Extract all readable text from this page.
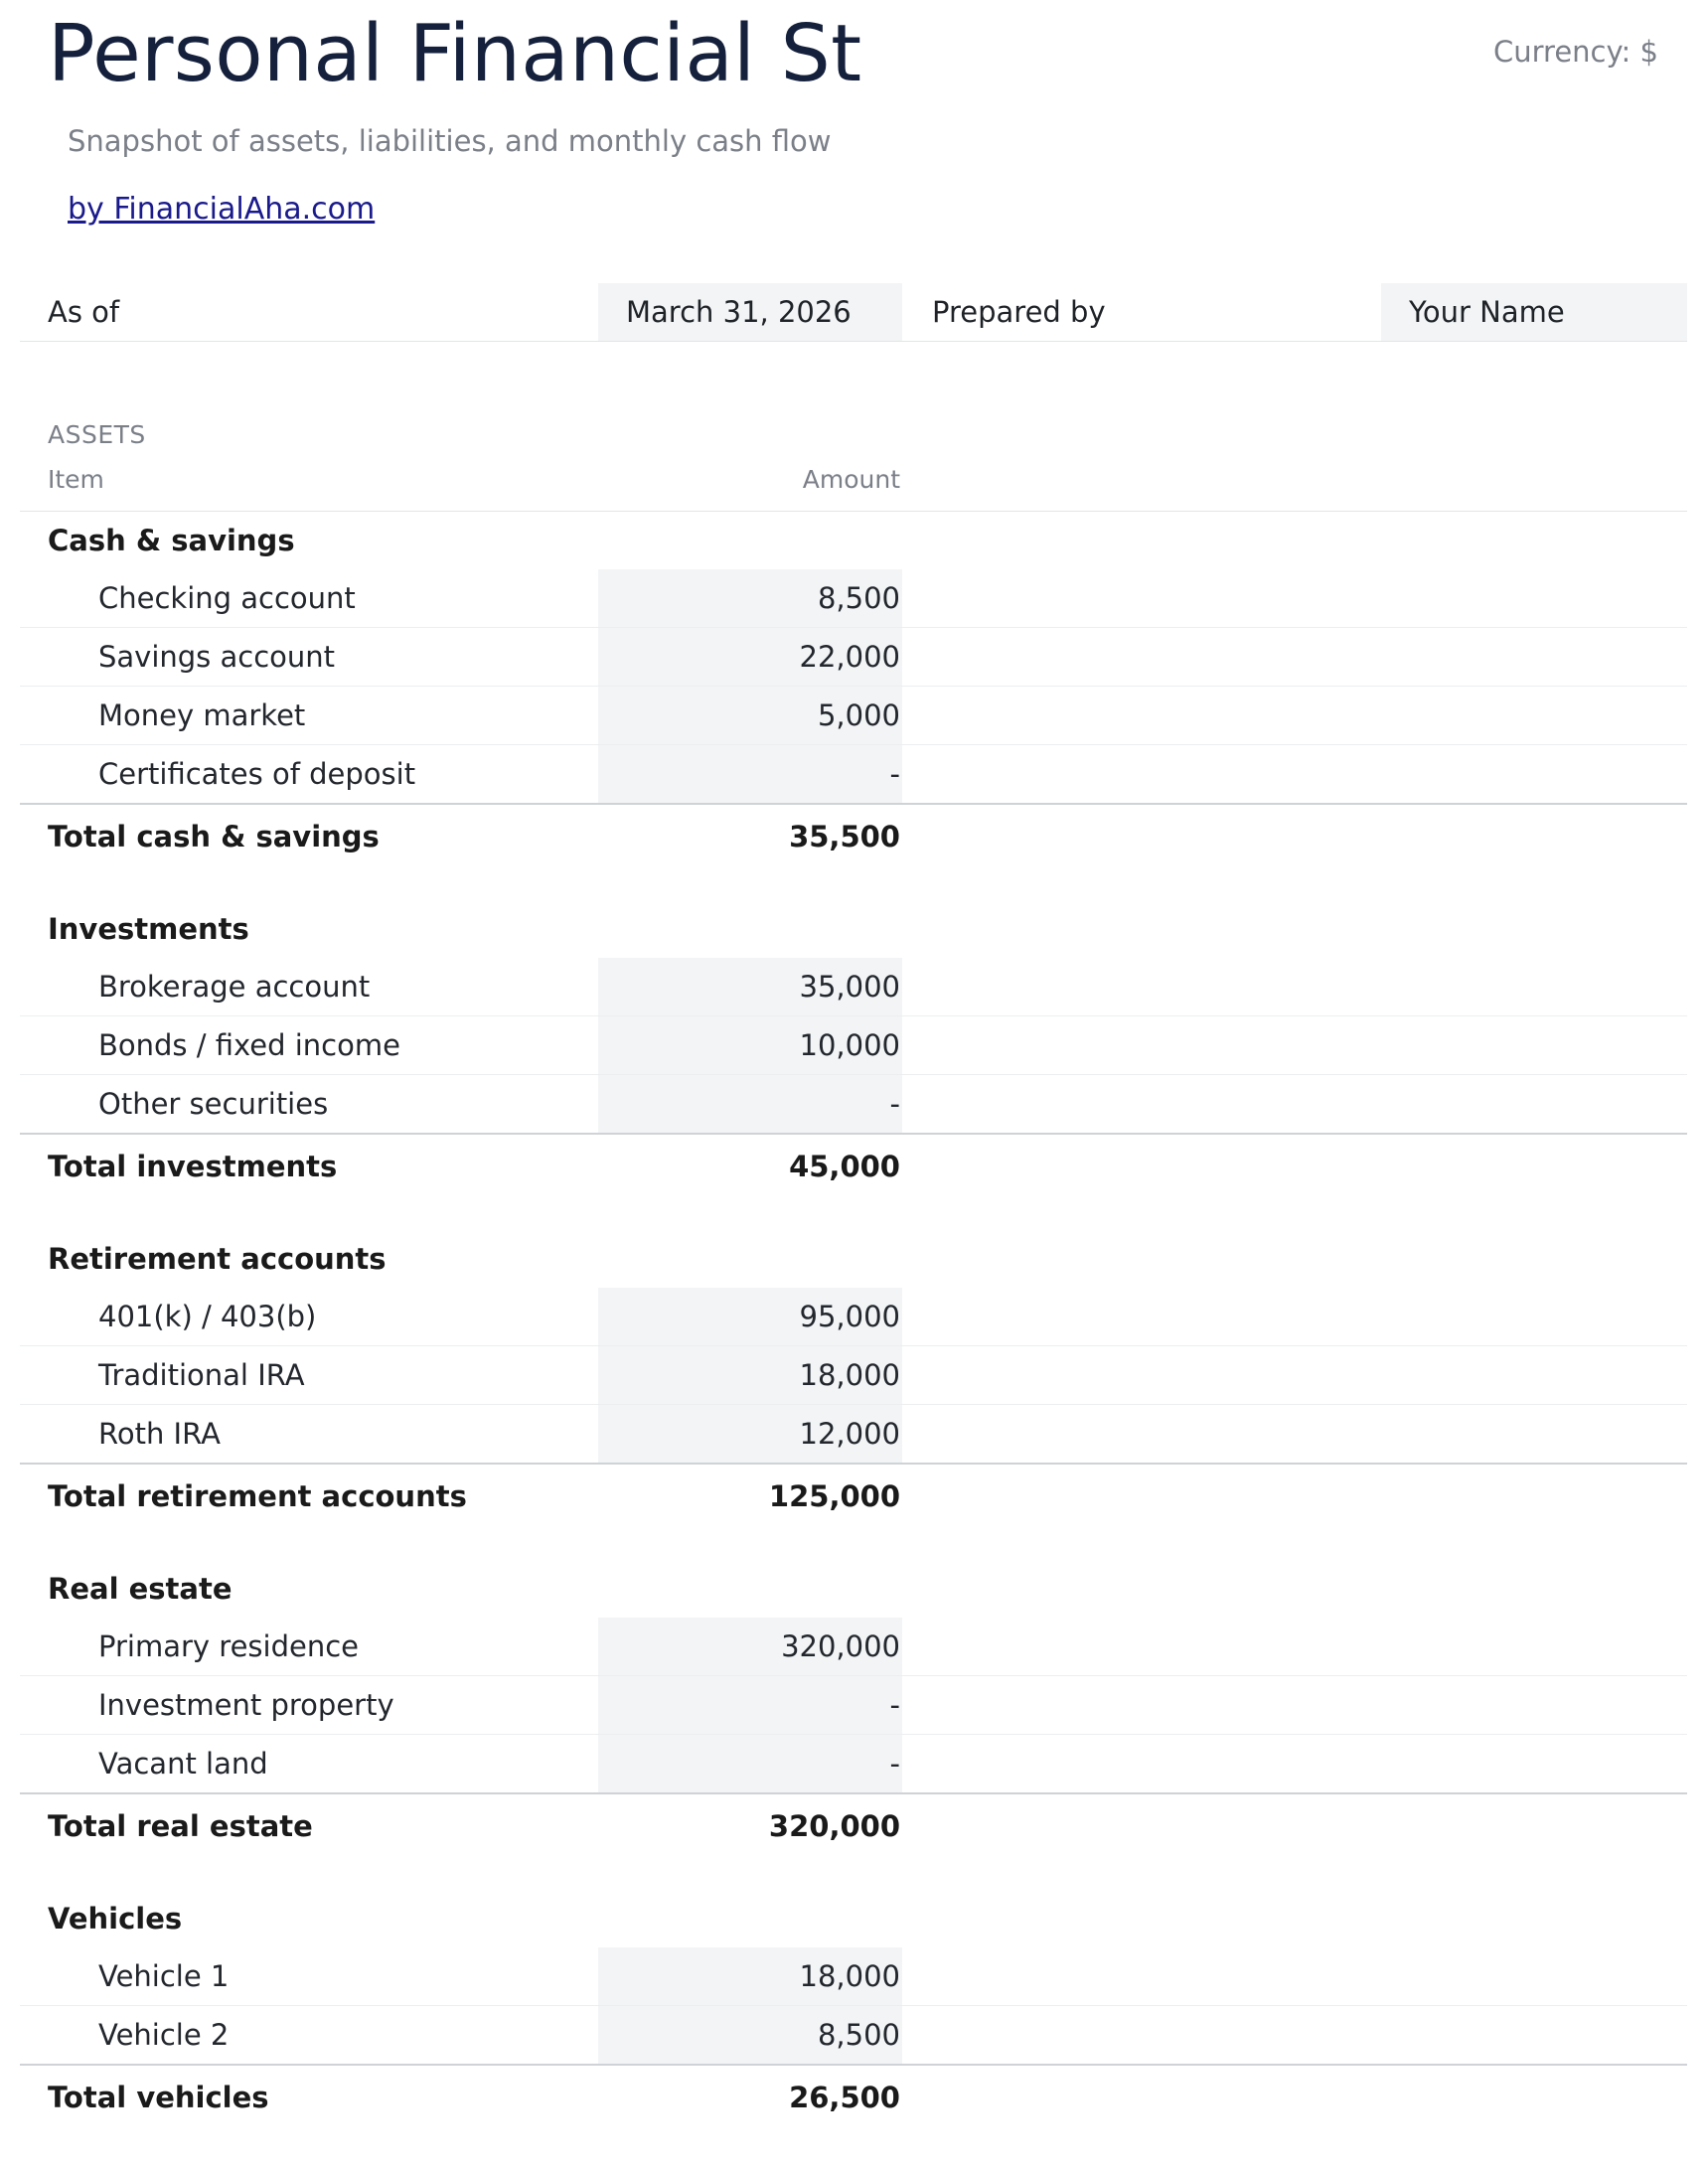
Personal Financial St	Currency: $
Snapshot of assets, liabilities, and monthly cash flow
by FinancialAha.com
As of	March 31, 2026	Prepared by	Your Name
ASSETS
Item	Amount
Cash & savings
Checking account	8,500
Savings account	22,000
Money market	5,000
Certificates of deposit	-
Total cash & savings	35,500
Investments
Brokerage account	35,000
Bonds / fixed income	10,000
Other securities	-
Total investments	45,000
Retirement accounts
401(k) / 403(b)	95,000
Traditional IRA	18,000
Roth IRA	12,000
Total retirement accounts	125,000
Real estate
Primary residence	320,000
Investment property	-
Vacant land	-
Total real estate	320,000
Vehicles
Vehicle 1	18,000
Vehicle 2	8,500
Total vehicles	26,500
